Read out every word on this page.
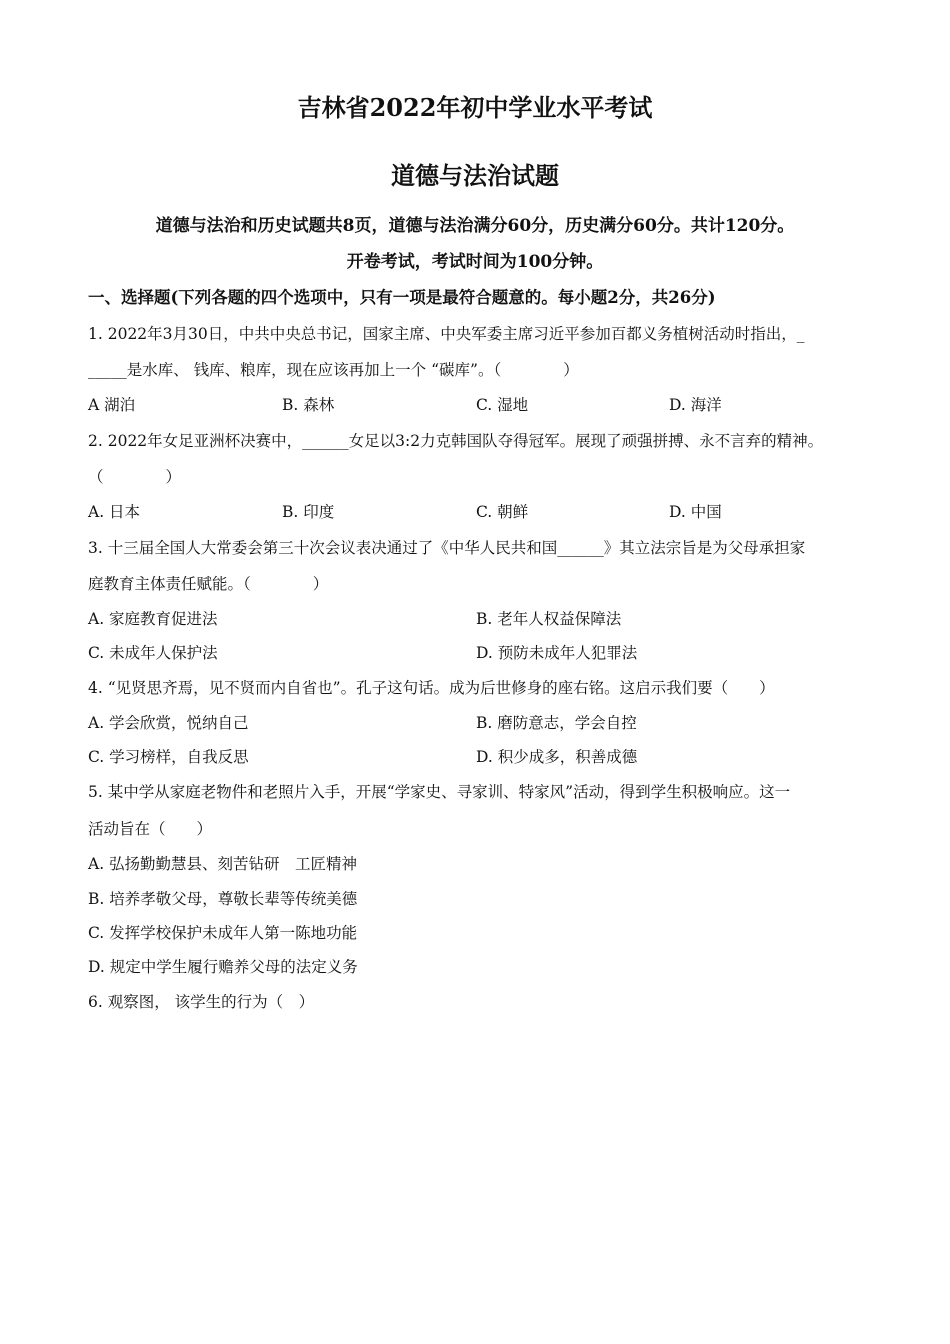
吉林省2022年初中学业水平考试
道德与法治试题
道德与法治和历史试题共8页，道德与法治满分60分，历史满分60分。共计120分。
开卷考试，考试时间为100分钟。
一、选择题(下列各题的四个选项中，只有一项是最符合题意的。每小题2分，共26分)
1. 2022年3月30日，中共中央总书记，国家主席、中央军委主席习近平参加百都义务植树活动时指出，_
_____是水库、 钱库、粮库，现在应该再加上一个 “碳库”。（　　　　）
A 湖泊	B. 森林	C. 湿地	D. 海洋
2. 2022年女足亚洲杯决赛中，______女足以3:2力克韩国队夺得冠军。展现了顽强拼搏、永不言弃的精神。
（　　　　）
A. 日本	B. 印度	C. 朝鲜	D. 中国
3. 十三届全国人大常委会第三十次会议表决通过了《中华人民共和国______》其立法宗旨是为父母承担家
庭教育主体责任赋能。（　　　　）
A. 家庭教育促进法	B. 老年人权益保障法
C. 未成年人保护法	D. 预防未成年人犯罪法
4. “见贤思齐焉，见不贤而内自省也”。孔子这句话。成为后世修身的座右铭。这启示我们要（　　）
A. 学会欣赏，悦纳自己	B. 磨防意志，学会自控
C. 学习榜样，自我反思	D. 积少成多，积善成德
5. 某中学从家庭老物件和老照片入手，开展“学家史、寻家训、特家风”活动，得到学生积极响应。这一
活动旨在（　　）
A. 弘扬勤勤慧县、刻苦钻研　工匠精神
B. 培养孝敬父母，尊敬长辈等传统美德
C. 发挥学校保护未成年人第一陈地功能
D. 规定中学生履行赡养父母的法定义务
6. 观察图， 该学生的行为（　）
